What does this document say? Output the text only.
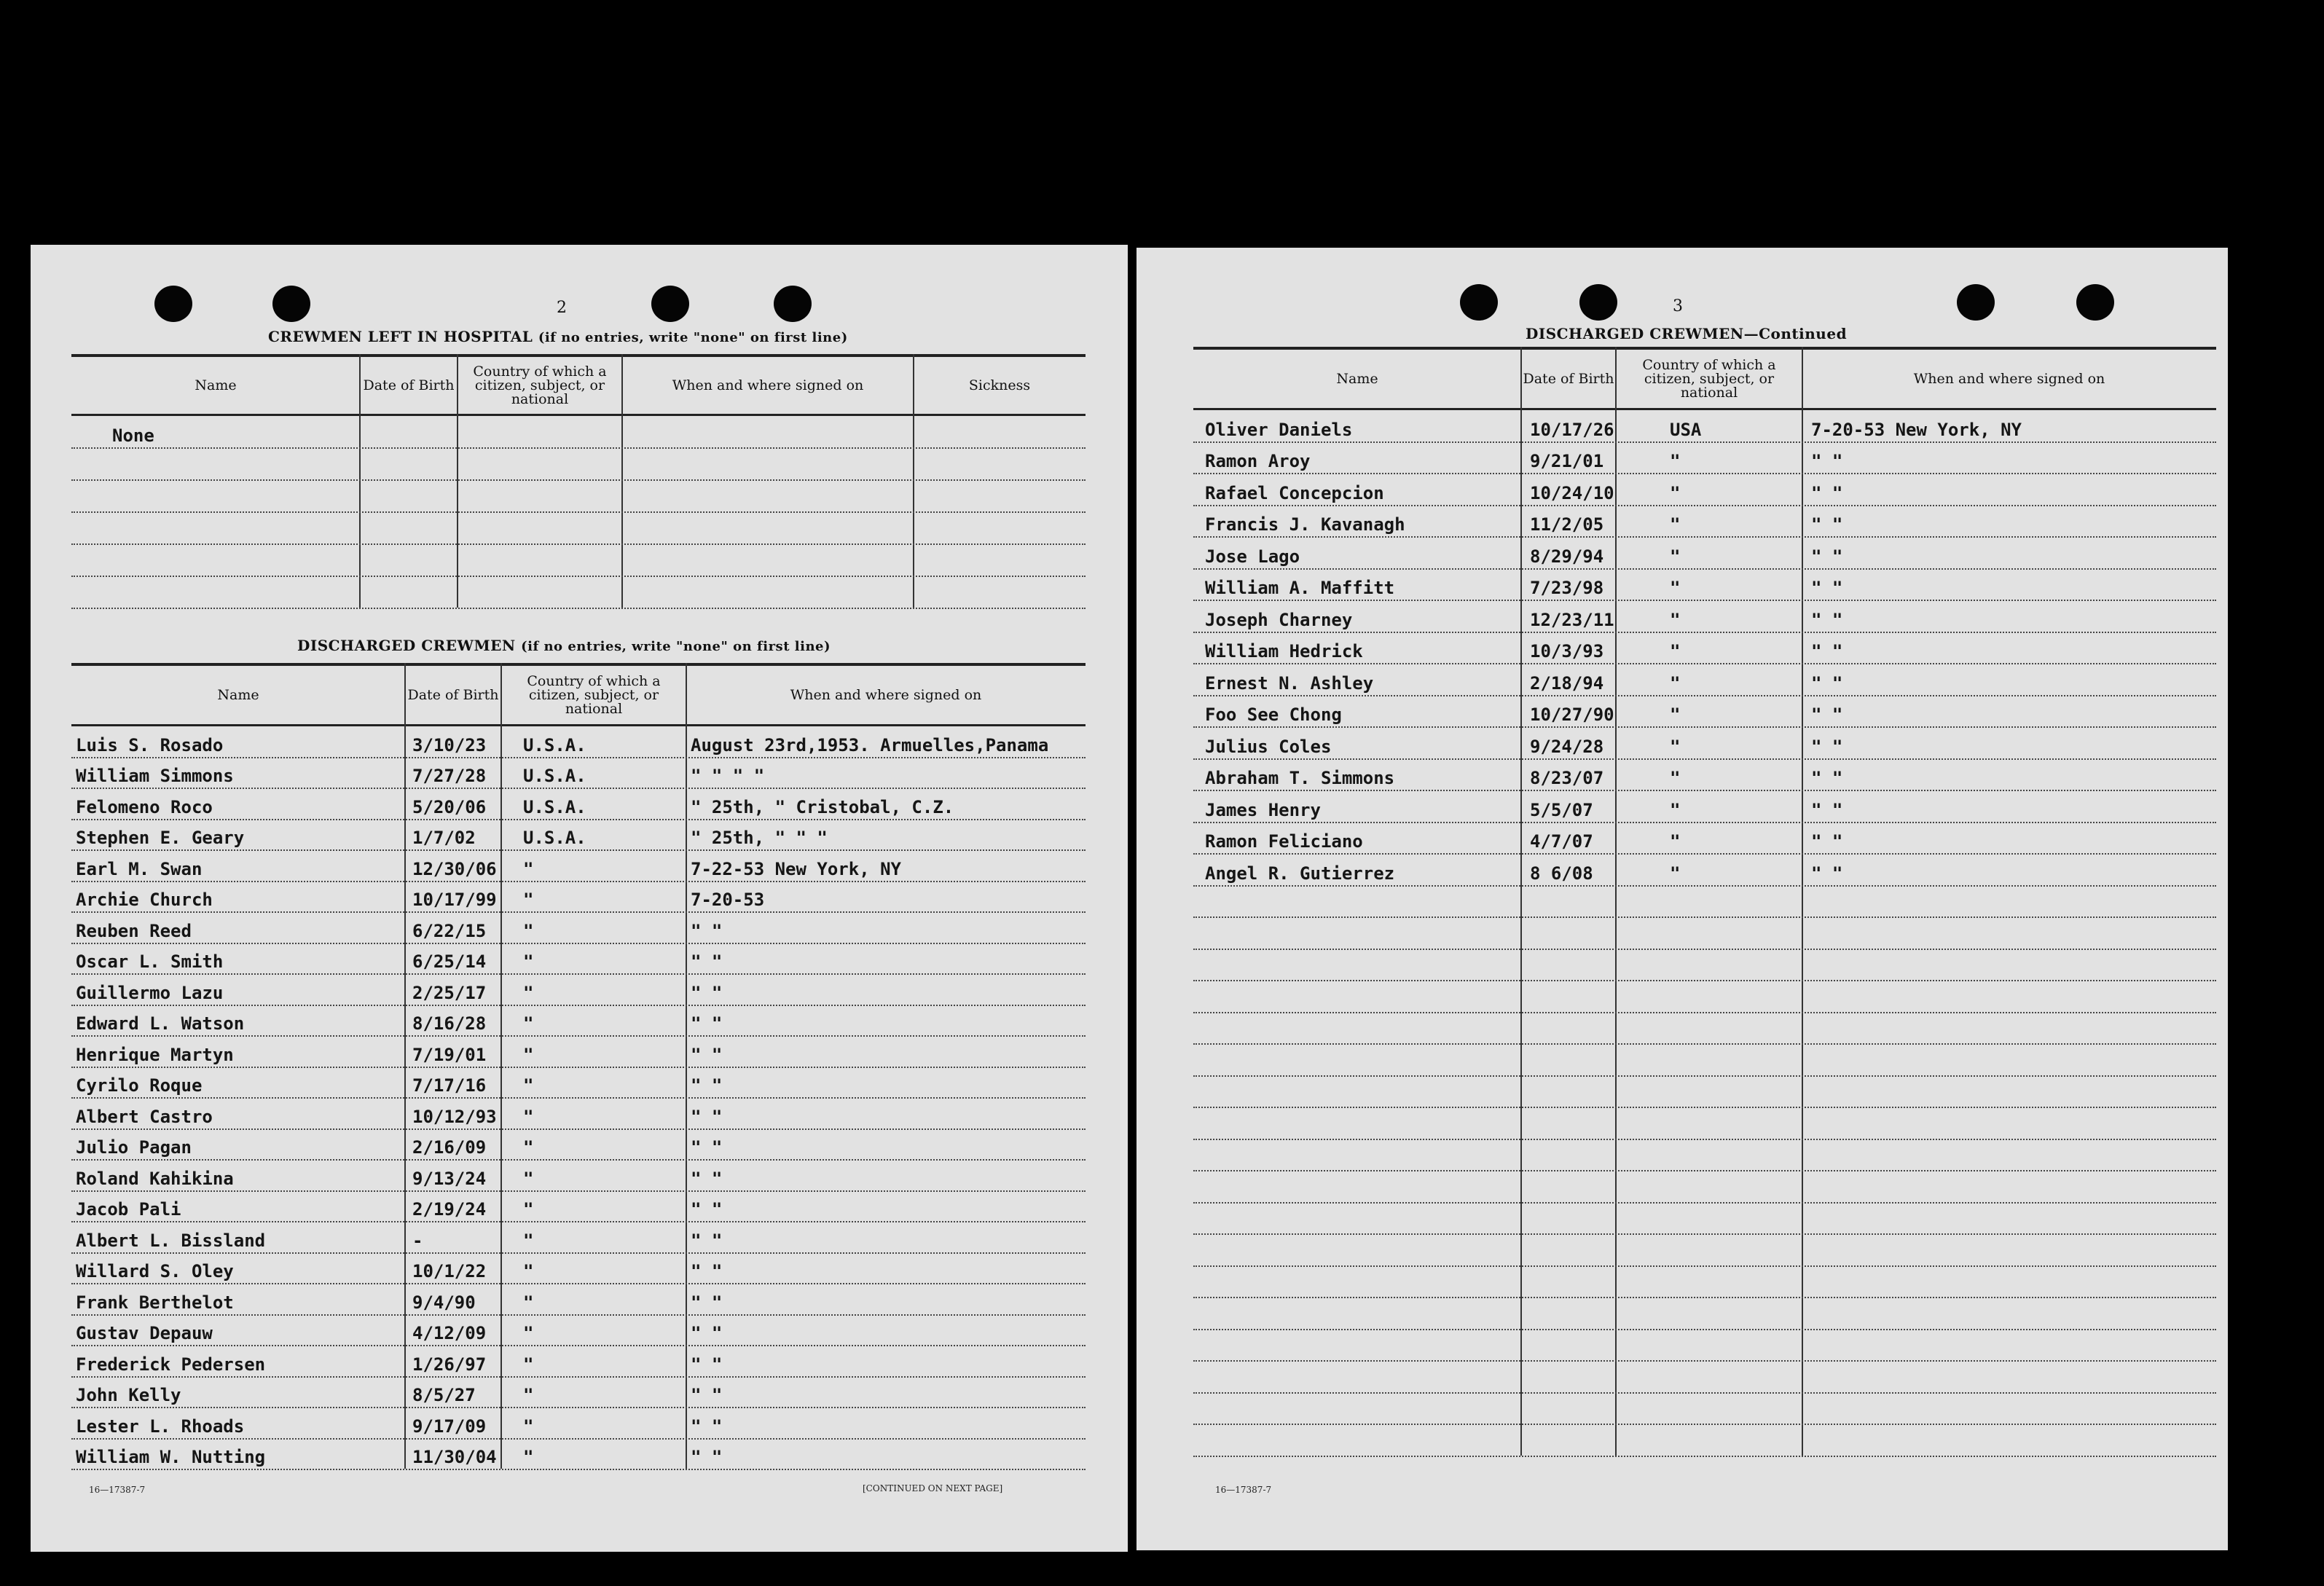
2
CREWMEN LEFT IN HOSPITAL (if no entries, write "none" on first line)
Name	Date of Birth
Country of which a citizen, subject, or national
When and where signed on	Sickness
None
DISCHARGED CREWMEN (if no entries, write "none" on first line)
Name	Date of Birth
Country of which a citizen, subject, or national
When and where signed on
Luis S. Rosado	3/10/23 U.S.A.	August 23rd,1953. Armuelles,Panama
William Simmons	7/27/28 U.S.A.	" " " "
Felomeno Roco	5/20/06 U.S.A.	" 25th, " Cristobal, C.Z.
Stephen E. Geary	1/7/02	U.S.A.	" 25th, " " "
Earl M. Swan	12/30/06 "	7-22-53 New York, NY
Archie Church	10/17/99 "	7-20-53
Reuben Reed	6/22/15 "	" "
Oscar L. Smith	6/25/14 "	" "
Guillermo Lazu	2/25/17 "	" "
Edward L. Watson	8/16/28 "	" "
Henrique Martyn	7/19/01 "	" "
Cyrilo Roque	7/17/16 "	" "
Albert Castro	10/12/93 "	" "
Julio Pagan	2/16/09 "	" "
Roland Kahikina	9/13/24 "	" "
Jacob Pali	2/19/24 "	" "
Albert L. Bissland	-	"	" "
Willard S. Oley	10/1/22 "	" "
Frank Berthelot	9/4/90	"	" "
Gustav Depauw	4/12/09 "	" "
Frederick Pedersen	1/26/97 "	" "
John Kelly	8/5/27	"	" "
Lester L. Rhoads	9/17/09 "	" "
William W. Nutting	11/30/04 "	" "
16—17387-7	[CONTINUED ON NEXT PAGE]
3
DISCHARGED CREWMEN—Continued
Name	Date of Birth
Country of which a citizen, subject, or national
When and where signed on
Oliver Daniels	10/17/26	USA	7-20-53 New York, NY
Ramon Aroy	9/21/01	"	" "
Rafael Concepcion	10/24/10	"	" "
Francis J. Kavanagh	11/2/05	"	" "
Jose Lago	8/29/94	"	" "
William A. Maffitt	7/23/98	"	" "
Joseph Charney	12/23/11	"	" "
William Hedrick	10/3/93	"	" "
Ernest N. Ashley	2/18/94	"	" "
Foo See Chong	10/27/90	"	" "
Julius Coles	9/24/28	"	" "
Abraham T. Simmons	8/23/07	"	" "
James Henry	5/5/07	"	" "
Ramon Feliciano	4/7/07	"	" "
Angel R. Gutierrez	8 6/08	"	" "
16—17387-7
